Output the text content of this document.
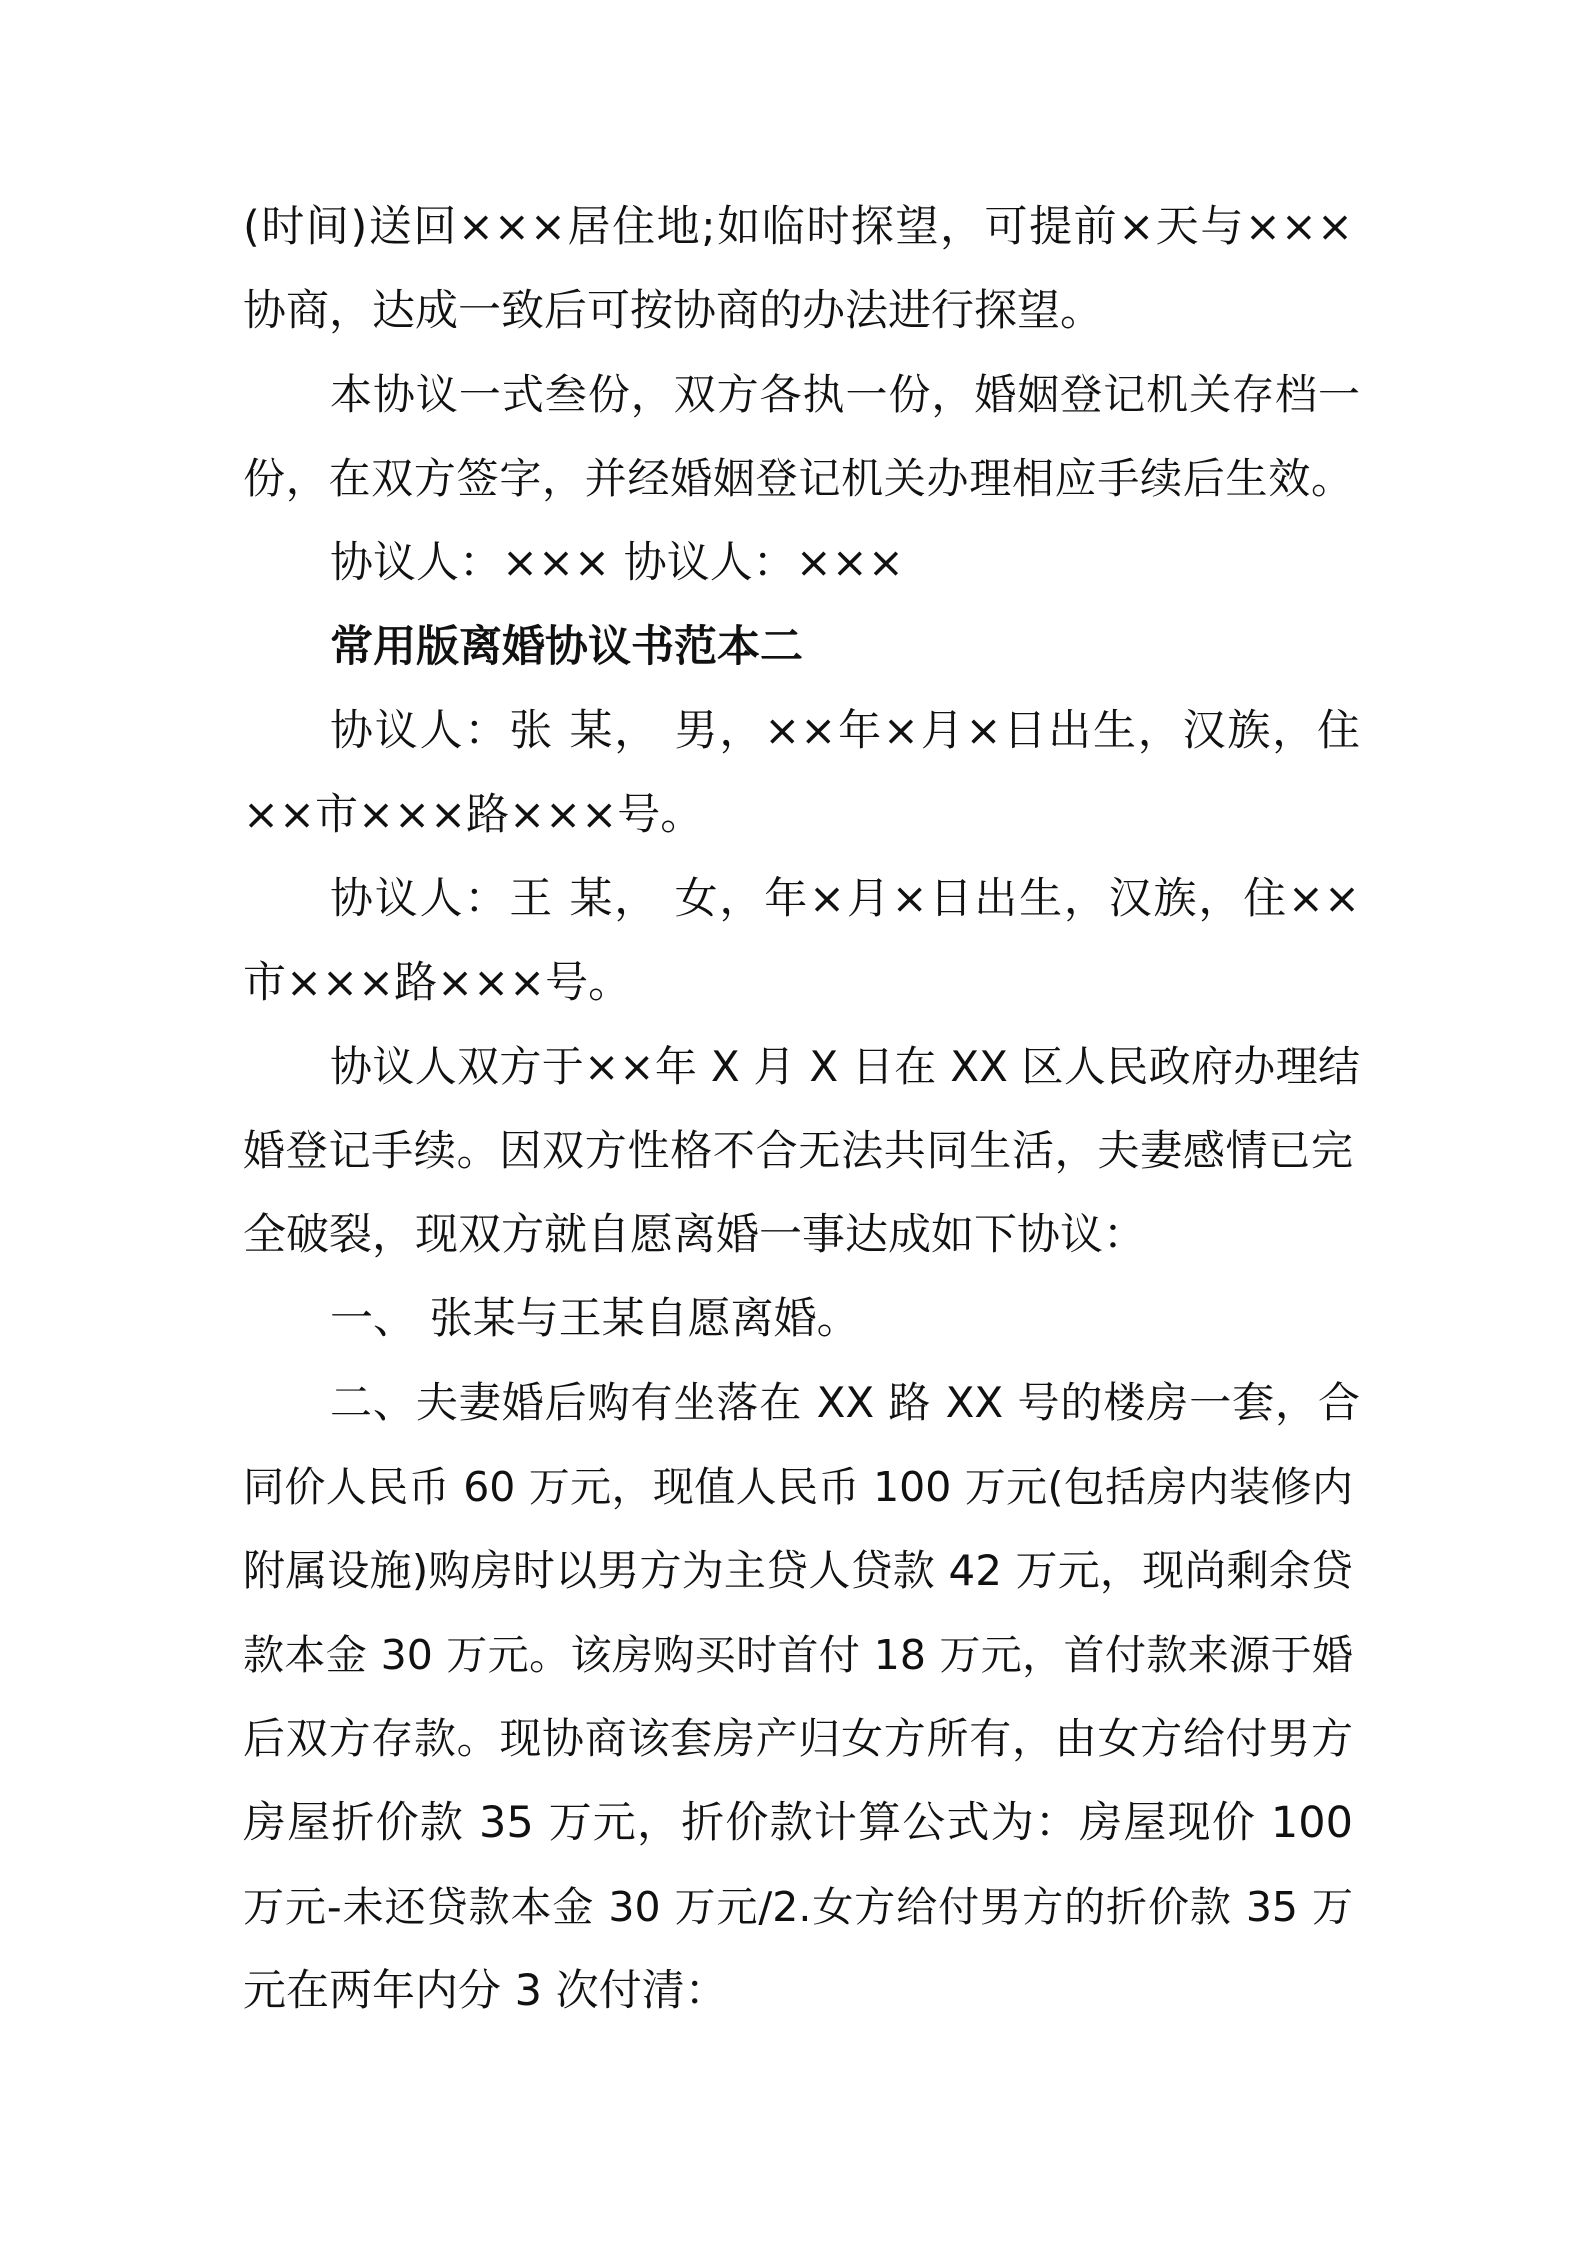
(时间)送回×××居住地;如临时探望，可提前×天与×××
协商，达成一致后可按协商的办法进行探望。
本协议一式叁份，双方各执一份，婚姻登记机关存档一
份，在双方签字，并经婚姻登记机关办理相应手续后生效。
协议人：××× 协议人：×××
常用版离婚协议书范本二
协议人：张 某， 男，××年×月×日出生，汉族，住
××市×××路×××号。
协议人：王 某， 女，年×月×日出生，汉族，住××
市×××路×××号。
协议人双方于××年 X 月 X 日在 XX 区人民政府办理结
婚登记手续。因双方性格不合无法共同生活，夫妻感情已完
全破裂，现双方就自愿离婚一事达成如下协议：
一、 张某与王某自愿离婚。
二、夫妻婚后购有坐落在 XX 路 XX 号的楼房一套，合
同价人民币 60 万元，现值人民币 100 万元(包括房内装修内
附属设施)购房时以男方为主贷人贷款 42 万元，现尚剩余贷
款本金 30 万元。该房购买时首付 18 万元，首付款来源于婚
后双方存款。现协商该套房产归女方所有，由女方给付男方
房屋折价款 35 万元，折价款计算公式为：房屋现价 100
万元-未还贷款本金 30 万元/2.女方给付男方的折价款 35 万
元在两年内分 3 次付清：
